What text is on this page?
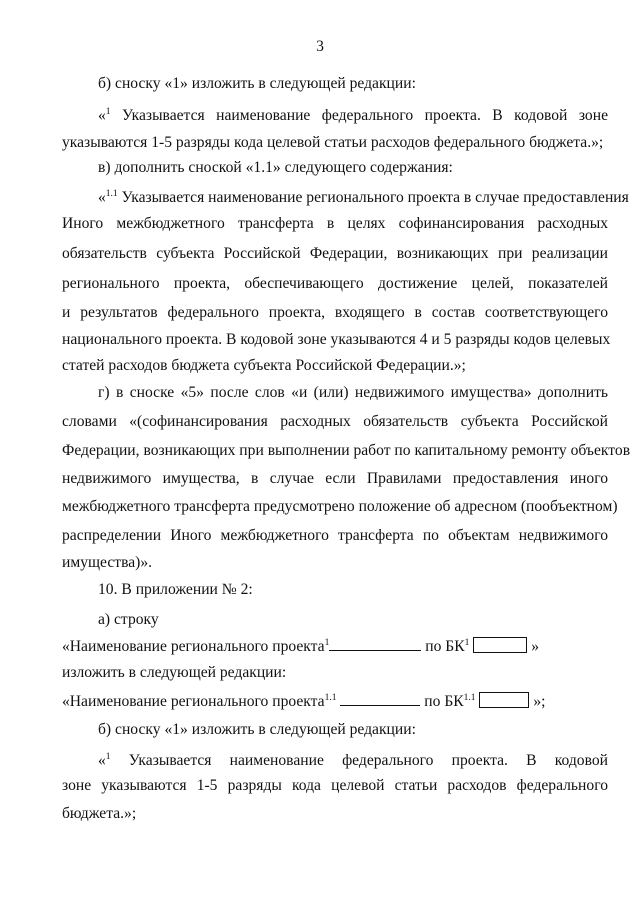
3
б) сноску «1» изложить в следующей редакции:
«$^1$ Указывается наименование федерального проекта. В кодовой зоне
указываются 1-5 разряды кода целевой статьи расходов федерального бюджета.»;
в) дополнить сноской «1.1» следующего содержания:
«$^{1.1}$ Указывается наименование регионального проекта в случае предоставления
Иного межбюджетного трансферта в целях софинансирования расходных
обязательств субъекта Российской Федерации, возникающих при реализации
регионального проекта, обеспечивающего достижение целей, показателей
и результатов федерального проекта, входящего в состав соответствующего
национального проекта. В кодовой зоне указываются 4 и 5 разряды кодов целевых
статей расходов бюджета субъекта Российской Федерации.»;
г) в сноске «5» после слов «и (или) недвижимого имущества» дополнить
словами «(софинансирования расходных обязательств субъекта Российской
Федерации, возникающих при выполнении работ по капитальному ремонту объектов
недвижимого имущества, в случае если Правилами предоставления иного
межбюджетного трансферта предусмотрено положение об адресном (пообъектном)
распределении Иного межбюджетного трансферта по объектам недвижимого
имущества)».
10. В приложении № 2:
а) строку
«Наименование регионального проекта$^1$	по $БК^1$	»
изложить в следующей редакции:
«Наименование регионального проекта$^{1.1}$	по $БК^{1.1}$	»;
б) сноску «1» изложить в следующей редакции:
«$^1$ Указывается наименование федерального проекта. В кодовой
зоне указываются 1-5 разряды кода целевой статьи расходов федерального
бюджета.»;
